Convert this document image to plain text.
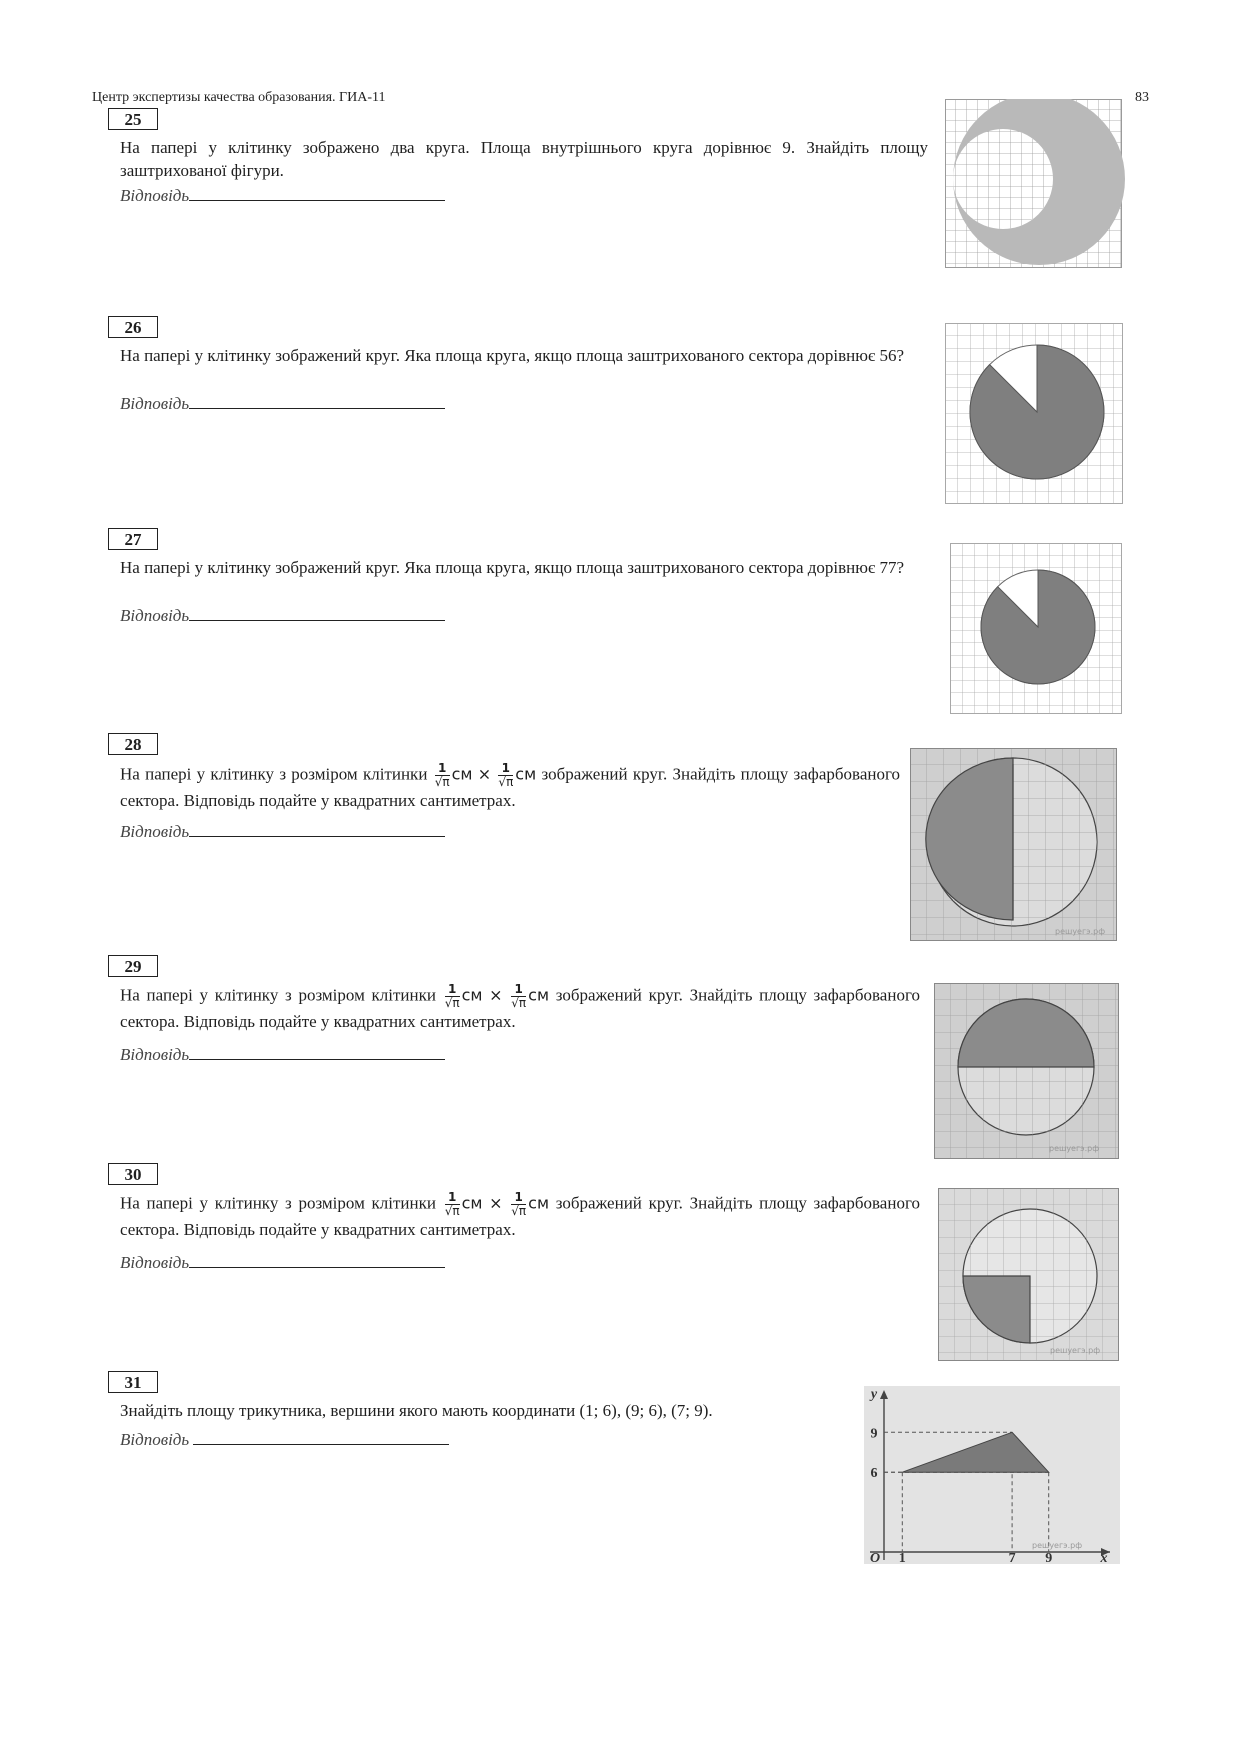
Центр экспертизы качества образования. ГИА-11	83
25
На папері у клітинку зображено два круга. Площа внутрішнього круга дорівнює 9. Знайдіть площу заштрихованої фігури.
Відповідь
26
На папері у клітинку зображений круг. Яка площа круга, якщо площа заштрихованого сектора дорівнює 56?
Відповідь
27
На папері у клітинку зображений круг. Яка площа круга, якщо площа заштрихованого сектора дорівнює 77?
Відповідь
28
На папері у клітинку з розміром клітинки $\frac{1}{√\pi}$ см × $\frac{1}{√\pi}$ см зображений круг. Знайдіть площу зафарбованого сектора. Відповідь подайте у квадратних сантиметрах.
Відповідь
решуегэ.рф
29
На папері у клітинку з розміром клітинки $\frac{1}{√\pi}$ см × $\frac{1}{√\pi}$ см зображений круг. Знайдіть площу зафарбованого сектора. Відповідь подайте у квадратних сантиметрах.
Відповідь
решуегэ.рф
30
На папері у клітинку з розміром клітинки $\frac{1}{√\pi}$ см × $\frac{1}{√\pi}$ см зображений круг. Знайдіть площу зафарбованого сектора. Відповідь подайте у квадратних сантиметрах.
Відповідь
решуегэ.рф
31
Знайдіть площу трикутника, вершини якого мають координати (1; 6), (9; 6), (7; 9).
Відповідь
O 1	7 9
6
9
x
y
решуегэ.рф
